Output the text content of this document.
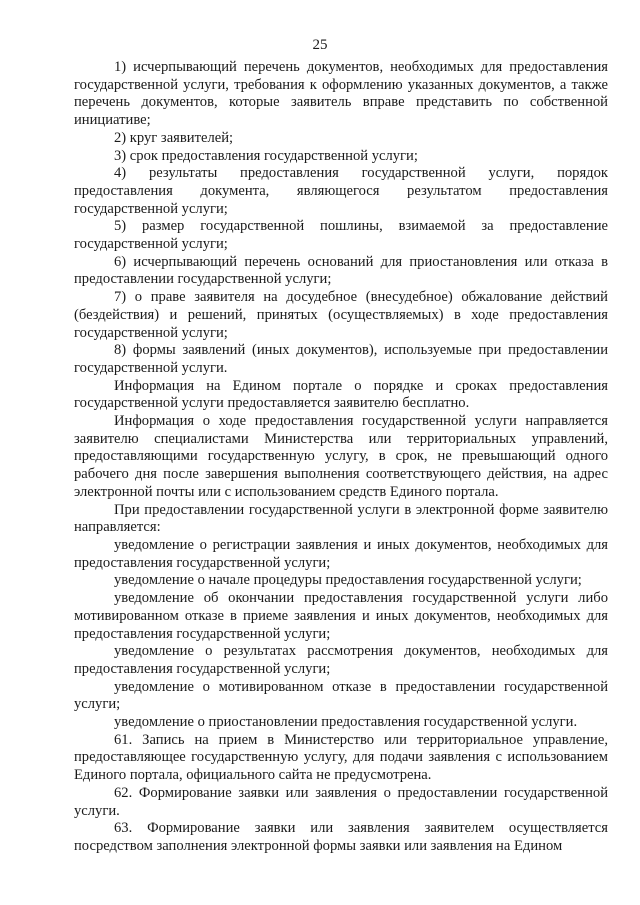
25

1) исчерпывающий перечень документов, необходимых для предоставления государственной услуги, требования к оформлению указанных документов, а также перечень документов, которые заявитель вправе представить по собственной инициативе;

2) круг заявителей;

3) срок предоставления государственной услуги;

4) результаты предоставления государственной услуги, порядок предоставления документа, являющегося результатом предоставления государственной услуги;

5) размер государственной пошлины, взимаемой за предоставление государственной услуги;

6) исчерпывающий перечень оснований для приостановления или отказа в предоставлении государственной услуги;

7) о праве заявителя на досудебное (внесудебное) обжалование действий (бездействия) и решений, принятых (осуществляемых) в ходе предоставления государственной услуги;

8) формы заявлений (иных документов), используемые при предоставлении государственной услуги.

Информация на Едином портале о порядке и сроках предоставления государственной услуги предоставляется заявителю бесплатно.

Информация о ходе предоставления государственной услуги направляется заявителю специалистами Министерства или территориальных управлений, предоставляющими государственную услугу, в срок, не превышающий одного рабочего дня после завершения выполнения соответствующего действия, на адрес электронной почты или с использованием средств Единого портала.

При предоставлении государственной услуги в электронной форме заявителю направляется:

уведомление о регистрации заявления и иных документов, необходимых для предоставления государственной услуги;

уведомление о начале процедуры предоставления государственной услуги;

уведомление об окончании предоставления государственной услуги либо мотивированном отказе в приеме заявления и иных документов, необходимых для предоставления государственной услуги;

уведомление о результатах рассмотрения документов, необходимых для предоставления государственной услуги;

уведомление о мотивированном отказе в предоставлении государственной услуги;

уведомление о приостановлении предоставления государственной услуги.

61. Запись на прием в Министерство или территориальное управление, предоставляющее государственную услугу, для подачи заявления с использованием Единого портала, официального сайта не предусмотрена.

62. Формирование заявки или заявления о предоставлении государственной услуги.

63. Формирование заявки или заявления заявителем осуществляется посредством заполнения электронной формы заявки или заявления на Едином
